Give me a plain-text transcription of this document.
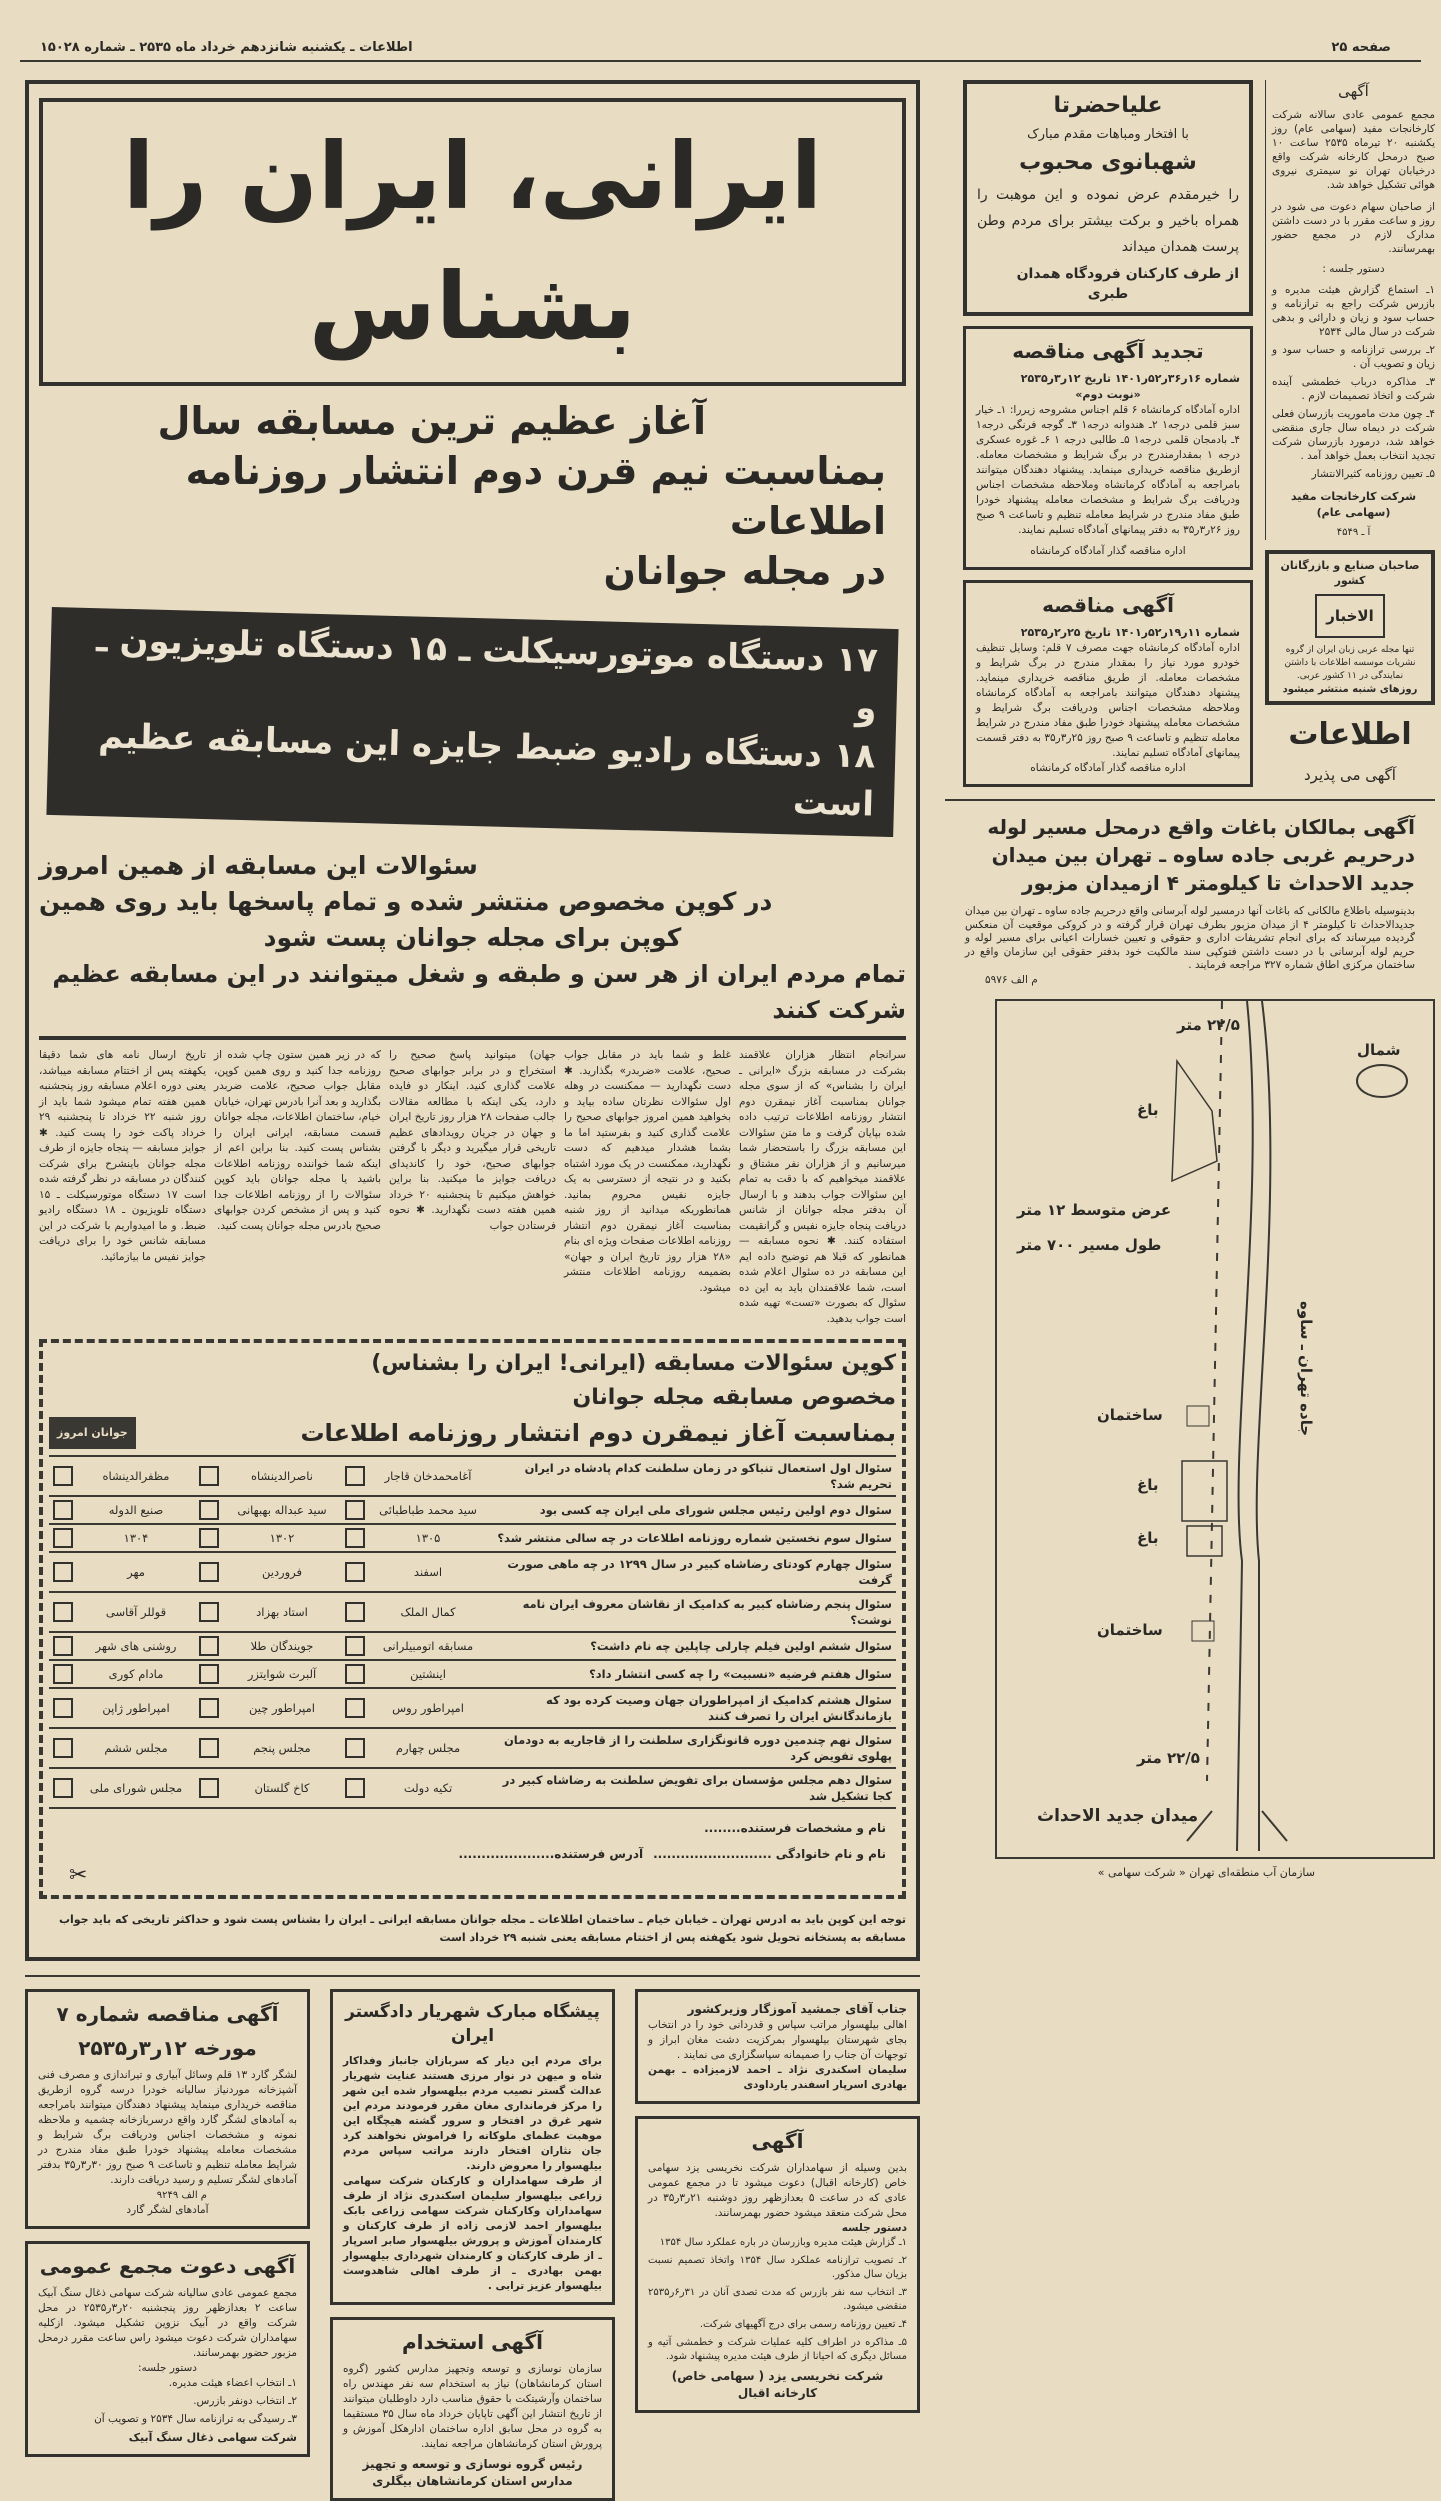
صفحه ۲۵
اطلاعات ـ یکشنبه شانزدهم خرداد ماه ۲۵۳۵ ـ شماره ۱۵۰۲۸
ایرانی، ایران را بشناس
آغاز عظیم ترین مسابقه سال
بمناسبت نیم قرن دوم انتشار روزنامه اطلاعات
در مجله جوانان
۱۷ دستگاه موتورسیکلت ـ ۱۵ دستگاه تلویزیون ـ و
۱۸ دستگاه رادیو ضبط جایزه این مسابقه عظیم است
سئوالات این مسابقه از همین امروز
در کوپن مخصوص منتشر شده و تمام پاسخها باید روی همین
کوپن برای مجله جوانان پست شود
تمام مردم ایران از هر سن و طبقه و شغل میتوانند در این مسابقه عظیم شرکت کنند
سرانجام انتظار هزاران علاقمند بشرکت در مسابقه بزرگ «ایرانی ـ ایران را بشناس» که از سوی مجله جوانان بمناسبت آغاز نیمقرن دوم انتشار روزنامه اطلاعات ترتیب داده شده بپایان گرفت و ما متن سئوالات این مسابقه بزرگ را باستحضار شما میرسانیم و از هزاران نفر مشتاق و علاقمند میخواهیم که با دقت به تمام این سئوالات جواب بدهند و با ارسال آن بدفتر مجله جوانان از شانس دریافت پنجاه جایزه نفیس و گرانقیمت استفاده کنند. ✱ نحوه مسابقه — همانطور که قبلا هم توضیح داده ایم این مسابقه در ده سئوال اعلام شده است، شما علاقمندان باید به این ده سئوال که بصورت «تست» تهیه شده است جواب بدهید.
غلط و شما باید در مقابل جواب صحیح، علامت «ضربدر» بگذارید. ✱ دست نگهدارید — ممکنست در وهله اول سئوالات نظرتان ساده بیاید و بخواهید همین امروز جوابهای صحیح را علامت گذاری کنید و بفرستید اما ما بشما هشدار میدهیم که دست نگهدارید، ممکنست در یک مورد اشتباه بکنید و در نتیجه از دسترسی به یک جایزه نفیس محروم بمانید. همانطوریکه میدانید از روز شنبه بمناسبت آغاز نیمقرن دوم انتشار روزنامه اطلاعات صفحات ویژه ای بنام «۲۸ هزار روز تاریخ ایران و جهان» بضمیمه روزنامه اطلاعات منتشر میشود.
جهان) میتوانید پاسخ صحیح را استخراج و در برابر جوابهای صحیح علامت گذاری کنید. اینکار دو فایده دارد، یکی اینکه با مطالعه مقالات جالب صفحات ۲۸ هزار روز تاریخ ایران و جهان در جریان رویدادهای عظیم تاریخی قرار میگیرید و دیگر با گرفتن جوابهای صحیح، خود را کاندیدای دریافت جوایز ما میکنید. بنا براین خواهش میکنیم تا پنجشنبه ۲۰ خرداد همین هفته دست نگهدارید. ✱ نحوه فرستادن جواب
که در زیر همین ستون چاپ شده از روزنامه جدا کنید و روی همین کوپن، مقابل جواب صحیح، علامت ضربدر بگذارید و بعد آنرا بادرس تهران، خیابان خیام، ساختمان اطلاعات، مجله جوانان قسمت مسابقه، ایرانی ایران را بشناس پست کنید. بنا براین اعم از اینکه شما خواننده روزنامه اطلاعات باشید یا مجله جوانان باید کوپن سئوالات را از روزنامه اطلاعات جدا کنید و پس از مشخص کردن جوابهای صحیح بادرس مجله جوانان پست کنید.
تاریخ ارسال نامه های شما دقیقا یکهفته پس از اختتام مسابقه میباشد، یعنی دوره اعلام مسابقه روز پنجشنبه همین هفته تمام میشود شما باید از روز شنبه ۲۲ خرداد تا پنجشنبه ۲۹ خرداد پاکت خود را پست کنید. ✱ جوایز مسابقه — پنجاه جایزه از طرف مجله جوانان باینشرح برای شرکت کنندگان در مسابقه در نظر گرفته شده است ۱۷ دستگاه موتورسیکلت ـ ۱۵ دستگاه تلویزیون ـ ۱۸ دستگاه رادیو ضبط. و ما امیدواریم با شرکت در این مسابقه شانس خود را برای دریافت جوایز نفیس ما بیازمائید.
کوپن سئوالات مسابقه (ایرانی! ایران را بشناس)
مخصوص مسابقه مجله جوانان
بمناسبت آغاز نیمقرن دوم انتشار روزنامه اطلاعات
جوانان امروز
سئوال اول استعمال تنباکو در زمان سلطنت کدام پادشاه در ایران تحریم شد؟
آغامحمدخان قاجار
ناصرالدینشاه
مظفرالدینشاه
سئوال دوم اولین رئیس مجلس شورای ملی ایران چه کسی بود
سید محمد طباطبائی
سید عبداله بهبهانی
صنیع الدوله
سئوال سوم نخستین شماره روزنامه اطلاعات در چه سالی منتشر شد؟
۱۳۰۵
۱۳۰۲
۱۳۰۴
سئوال چهارم کودتای رضاشاه کبیر در سال ۱۲۹۹ در چه ماهی صورت گرفت
اسفند
فروردین
مهر
سئوال پنجم رضاشاه کبیر به کدامیک از نقاشان معروف ایران نامه نوشت؟
کمال الملک
استاد بهزاد
قوللر آقاسی
سئوال ششم اولین فیلم چارلی چاپلین چه نام داشت؟
مسابقه اتومبیلرانی
جویندگان طلا
روشنی های شهر
سئوال هفتم فرضیه «نسبیت» را چه کسی انتشار داد؟
اینشتین
آلبرت شوایتزر
مادام کوری
سئوال هشتم کدامیک از امپراطوران جهان وصیت کرده بود که بازماندگانش ایران را تصرف کنند
امپراطور روس
امپراطور چین
امپراطور ژاپن
سئوال نهم چندمین دوره قانونگزاری سلطنت را از قاجاریه به دودمان پهلوی تفویض کرد
مجلس چهارم
مجلس پنجم
مجلس ششم
سئوال دهم مجلس مؤسسان برای تفویض سلطنت به رضاشاه کبیر در کجا تشکیل شد
تکیه دولت
کاخ گلستان
مجلس شورای ملی
نام و مشخصات فرستنده........
نام و نام خانوادگی ..........................
آدرس فرستنده.....................
✂
توجه این کوپن باید به ادرس تهران ـ خیابان خیام ـ ساختمان اطلاعات ـ مجله جوانان مسابقه ایرانی ـ ایران را بشناس پست شود و حداکثر تاریخی که باید جواب
مسابقه به پستخانه تحویل شود یکهفته پس از اختتام مسابقه یعنی شنبه ۲۹ خرداد است
جناب آقای جمشید آموزگار وزیرکشور

اهالی بیلهسوار مراتب سپاس و قدردانی خود را در انتخاب بجای شهرستان بیلهسوار بمرکزیت دشت مغان ابراز و توجهات آن جناب را صمیمانه سپاسگزاری می نمایند .

سلیمان اسکندری نژاد ـ احمد لازمیزاده ـ بهمن بهادری اسرپار اسفندر یارداودی

آگهی

بدین وسیله از سهامداران شرکت نخریسی یزد سهامی خاص (کارخانه اقبال) دعوت میشود تا در مجمع عمومی عادی که در ساعت ۵ بعدازظهر روز دوشنبه ۲۱ر۳ر۳۵ در محل شرکت منعقد میشود حضور بهمرسانند.

دستور جلسه
۱ـ گزارش هیئت مدیره وبازرسان در باره عملکرد سال ۱۳۵۴
۲ـ تصویب ترازنامه عملکرد سال ۱۳۵۴ واتخاذ تصمیم نسبت بزیان سال مذکور.
۳ـ انتخاب سه نفر بازرس که مدت تصدی آنان در ۳۱ر۶ر۲۵۳۵ منقضی میشود.
۴ـ تعیین روزنامه رسمی برای درج آگهیهای شرکت.
۵ـ مذاکره در اطراف کلیه عملیات شرکت و خطمشی آتیه و مسائل دیگری که احیانا از طرف هیئت مدیره پیشنهاد شود.
شرکت نخریسی یزد ( سهامی خاص)
کارخانه اقبال
پیشگاه مبارک شهریار دادگستر ایران

برای مردم این دیار که سربازان جانباز وفداکار شاه و میهن در نوار مرزی هستند عنایت شهریار عدالت گستر نصیب مردم بیلهسوار شده این شهر را مرکز فرمانداری مغان مقرر فرمودند مردم این شهر غرق در افتخار و سرور گشته هیچگاه این موهبت عظمای ملوکانه را فراموش نخواهند کرد جان نثاران افتخار دارند مراتب سپاس مردم بیلهسوار را معروض دارند.

از طرف سهامداران و کارکنان شرکت سهامی زراعی بیلهسوار سلیمان اسکندری نژاد از طرف سهامداران وکارکنان شرکت سهامی زراعی بابک بیلهسوار احمد لازمی زاده از طرف کارکنان و کارمندان آموزش و پرورش بیلهسوار صابر اسرپار ـ از طرف کارکنان و کارمندان شهرداری بیلهسوار بهمن بهادری ـ از طرف اهالی شاهدوست بیلهسوار عزیز ترابی .

آگهی استخدام

سازمان نوسازی و توسعه وتجهیز مدارس کشور (گروه استان کرمانشاهان) نیاز به استخدام سه نفر مهندس راه ساختمان وآرشیتکت با حقوق مناسب دارد داوطلبان میتوانند از تاریخ انتشار این آگهی تاپایان خرداد ماه سال ۳۵ مستقیما به گروه در محل سابق اداره ساختمان ادارهکل آموزش و پرورش استان کرمانشاهان مراجعه نمایند.

رئیس گروه نوسازی و توسعه و تجهیز مدارس استان کرمانشاهان بیگلری
آگهی مناقصه شماره ۷
مورخه ۱۲ر۳ر۲۵۳۵

لشگر گارد ۱۳ قلم وسائل آبیاری و تیراندازی و مصرف فنی آشپزخانه موردنیاز سالیانه خودرا درسه گروه ازطریق مناقصه خریداری مینماید پیشنهاد دهندگان میتوانند بامراجعه به آمادهای لشگر گارد واقع درسربازخانه چشمیه و ملاحظه نمونه و مشخصات اجناس ودریافت برگ شرایط و مشخصات معامله پیشنهاد خودرا طبق مفاد مندرج در شرایط معامله تنظیم و تاساعت ۹ صبح روز ۳۰ر۳ر۳۵ بدفتر آمادهای لشگر تسلیم و رسید دریافت دارند.

م الف ۹۲۴۹
آمادهای لشگر گارد
آگهی دعوت مجمع عمومی

مجمع عمومی عادی سالیانه شرکت سهامی ذغال سنگ آبیک ساعت ۲ بعدازظهر روز پنجشنبه ۲۰ر۳ر۲۵۳۵ در محل شرکت واقع در آبیک نزوین تشکیل میشود. ازکلیه سهامداران شرکت دعوت میشود راس ساعت مقرر درمحل مزبور حضور بهمرسانند.

دستور جلسه:
۱ـ انتخاب اعضاء هیئت مدیره.
۲ـ انتخاب دونفر بازرس.
۳ـ رسیدگی به ترازنامه سال ۲۵۳۴ و تصویب آن
شرکت سهامی ذغال سنگ آبیک
آگهی

مجمع عمومی عادی سالانه شرکت کارخانجات مفید (سهامی عام) روز یکشنبه ۲۰ تیرماه ۲۵۳۵ ساعت ۱۰ صبح درمحل کارخانه شرکت واقع درخیابان تهران نو سیمتری نیروی هوائی تشکیل خواهد شد.

از صاحبان سهام دعوت می شود در روز و ساعت مقرر با در دست داشتن مدارک لازم در مجمع حضور بهمرسانند.

دستور جلسه :
۱ـ استماع گزارش هیئت مدیره و بازرس شرکت راجع به ترازنامه و حساب سود و زیان و دارائی و بدهی شرکت در سال مالی ۲۵۳۴
۲ـ بررسی ترازنامه و حساب سود و زیان و تصویب آن .
۳ـ مذاکره درباب خطمشی آینده شرکت و اتخاذ تصمیمات لازم .
۴ـ چون مدت ماموریت بازرسان فعلی شرکت در دیماه سال جاری منقضی خواهد شد، درمورد بازرسان شرکت تجدید انتخاب بعمل خواهد آمد .
۵ـ تعیین روزنامه کثیرالانتشار
شرکت کارخانجات مفید
(سهامی عام)
آ ـ ۴۵۴۹
صاحبان صنایع و بازرگانان کشور
الاخبار
تنها مجله عربی زبان ایران از گروه نشریات موسسه اطلاعات با داشتن نمایندگی در ۱۱ کشور عربی.
روزهای شنبه منتشر میشود
اطلاعات
آگهی می پذیرد
علیاحضرتا
با افتخار ومباهات مقدم مبارک
شهبانوی محبوب
را خیرمقدم عرض نموده و این موهبت را همراه باخیر و برکت بیشتر برای مردم وطن پرست همدان میداند
از طرف کارکنان فرودگاه همدان
طبری
تجدید آگهی مناقصه
شماره ۱۶ر۳۶ر۵۲ر۱۴۰۱ تاریخ ۱۲ر۳ر۲۵۳۵
«نوبت دوم»

اداره آمادگاه کرمانشاه ۶ قلم اجناس مشروحه زیررا: ۱ـ خیار سبز قلمی درجه۱ ۲ـ هندوانه درجه۱ ۳ـ گوجه فرنگی درجه۱ ۴ـ بادمجان قلمی درجه۱ ۵ـ طالبی درجه ۱ ۶ـ غوره عسکری درجه ۱ بمقدارمندرج در برگ شرایط و مشخصات معامله. ازطریق مناقصه خریداری مینماید. پیشنهاد دهندگان میتوانند بامراجعه به آمادگاه کرمانشاه وملاحظه مشخصات اجناس ودریافت برگ شرایط و مشخصات معامله پیشنهاد خودرا طبق مفاد مندرج در شرایط معامله تنظیم و تاساعت ۹ صبح روز ۲۶ر۳ر۳۵ به دفتر پیمانهای آمادگاه تسلیم نمایند.

اداره مناقصه گذار آمادگاه کرمانشاه
آگهی مناقصه
شماره ۱۱ر۱۹ر۵۲ر۱۴۰۱ تاریخ ۲۵ر۲ر۲۵۳۵

اداره آمادگاه کرمانشاه جهت مصرف ۷ قلم: وسایل تنظیف خودرو مورد نیاز را بمقدار مندرج در برگ شرایط و مشخصات معامله. از طریق مناقصه خریداری مینماید. پیشنهاد دهندگان میتوانند بامراجعه به آمادگاه کرمانشاه وملاحظه مشخصات اجناس ودریافت برگ شرایط و مشخصات معامله پیشنهاد خودرا طبق مفاد مندرج در شرایط معامله تنظیم و تاساعت ۹ صبح روز ۲۵ر۳ر۳۵ به دفتر قسمت پیمانهای آمادگاه تسلیم نمایند.

اداره مناقصه گذار آمادگاه کرمانشاه
آگهی بمالکان باغات واقع درمحل مسیر لوله درحریم غربی جاده ساوه ـ تهران بین میدان جدید الاحداث تا کیلومتر ۴ ازمیدان مزبور

بدینوسیله باطلاع مالکانی که باغات آنها درمسیر لوله آبرسانی واقع درحریم جاده ساوه ـ تهران بین میدان جدیدالاحداث تا کیلومتر ۴ از میدان مزبور بطرف تهران قرار گرفته و در کروکی موقعیت آن منعکس گردیده میرساند که برای انجام تشریفات اداری و حقوقی و تعیین خسارات اعیانی برای مسیر لوله و حریم لوله آبرسانی با در دست داشتن فتوکپی سند مالکیت خود بدفتر حقوقی این سازمان واقع در ساختمان مرکزی اطاق شماره ۳۲۷ مراجعه فرمایند .

م الف ۵۹۷۶
۲۲/۵ متر
شمال
باغ
عرض متوسط ۱۲ متر
طول مسیر ۷۰۰ متر
جاده تهران ـ ساوه
ساختمان
باغ
باغ
ساختمان
۲۲/۵ متر
میدان جدید الاحداث
سازمان آب منطقه‌ای تهران « شرکت سهامی »
